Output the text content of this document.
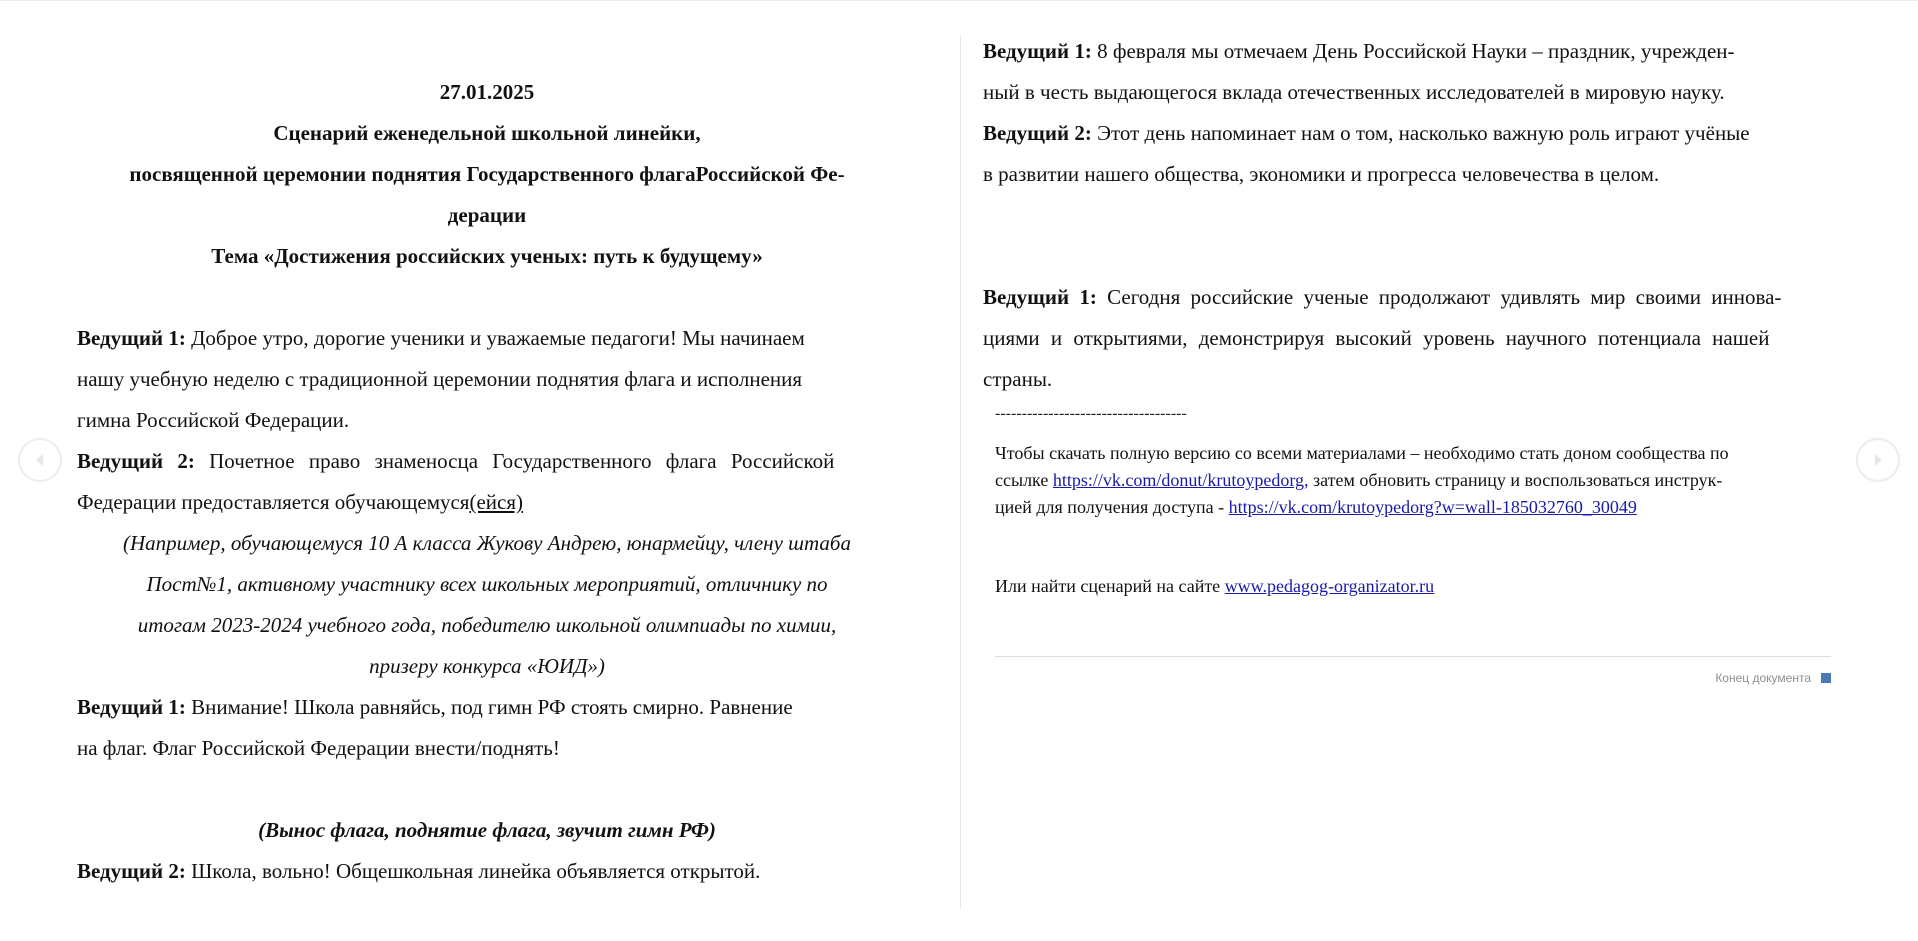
27.01.2025

Сценарий еженедельной школьной линейки,

посвященной церемонии поднятия Государственного флагаРоссийской Фе-

дерации

Тема «Достижения российских ученых: путь к будущему»

Ведущий 1: Доброе утро, дорогие ученики и уважаемые педагоги! Мы начинаем

нашу учебную неделю с традиционной церемонии поднятия флага и исполнения

гимна Российской Федерации.

Ведущий 2: Почетное право знаменосца Государственного флага Российской

Федерации предоставляется обучающемуся(ейся)

(Например, обучающемуся 10 А класса Жукову Андрею, юнармейцу, члену штаба

Пост№1, активному участнику всех школьных мероприятий, отличнику по

итогам 2023-2024 учебного года, победителю школьной олимпиады по химии,

призеру конкурса «ЮИД»)

Ведущий 1: Внимание! Школа равняйсь, под гимн РФ стоять смирно. Равнение

на флаг. Флаг Российской Федерации внести/поднять!

(Вынос флага, поднятие флага, звучит гимн РФ)

Ведущий 2: Школа, вольно! Общешкольная линейка объявляется открытой.

Ведущий 1: 8 февраля мы отмечаем День Российской Науки – праздник, учрежден-

ный в честь выдающегося вклада отечественных исследователей в мировую науку.

Ведущий 2: Этот день напоминает нам о том, насколько важную роль играют учёные

в развитии нашего общества, экономики и прогресса человечества в целом.

Ведущий 1: Сегодня российские ученые продолжают удивлять мир своими иннова-

циями и открытиями, демонстрируя высокий уровень научного потенциала нашей

страны.

------------------------------------

Чтобы скачать полную версию со всеми материалами – необходимо стать доном сообщества по

ссылке https://vk.com/donut/krutoypedorg, затем обновить страницу и воспользоваться инструк-

цией для получения доступа - https://vk.com/krutoypedorg?w=wall-185032760_30049

Или найти сценарий на сайте www.pedagog-organizator.ru

Конец документа
